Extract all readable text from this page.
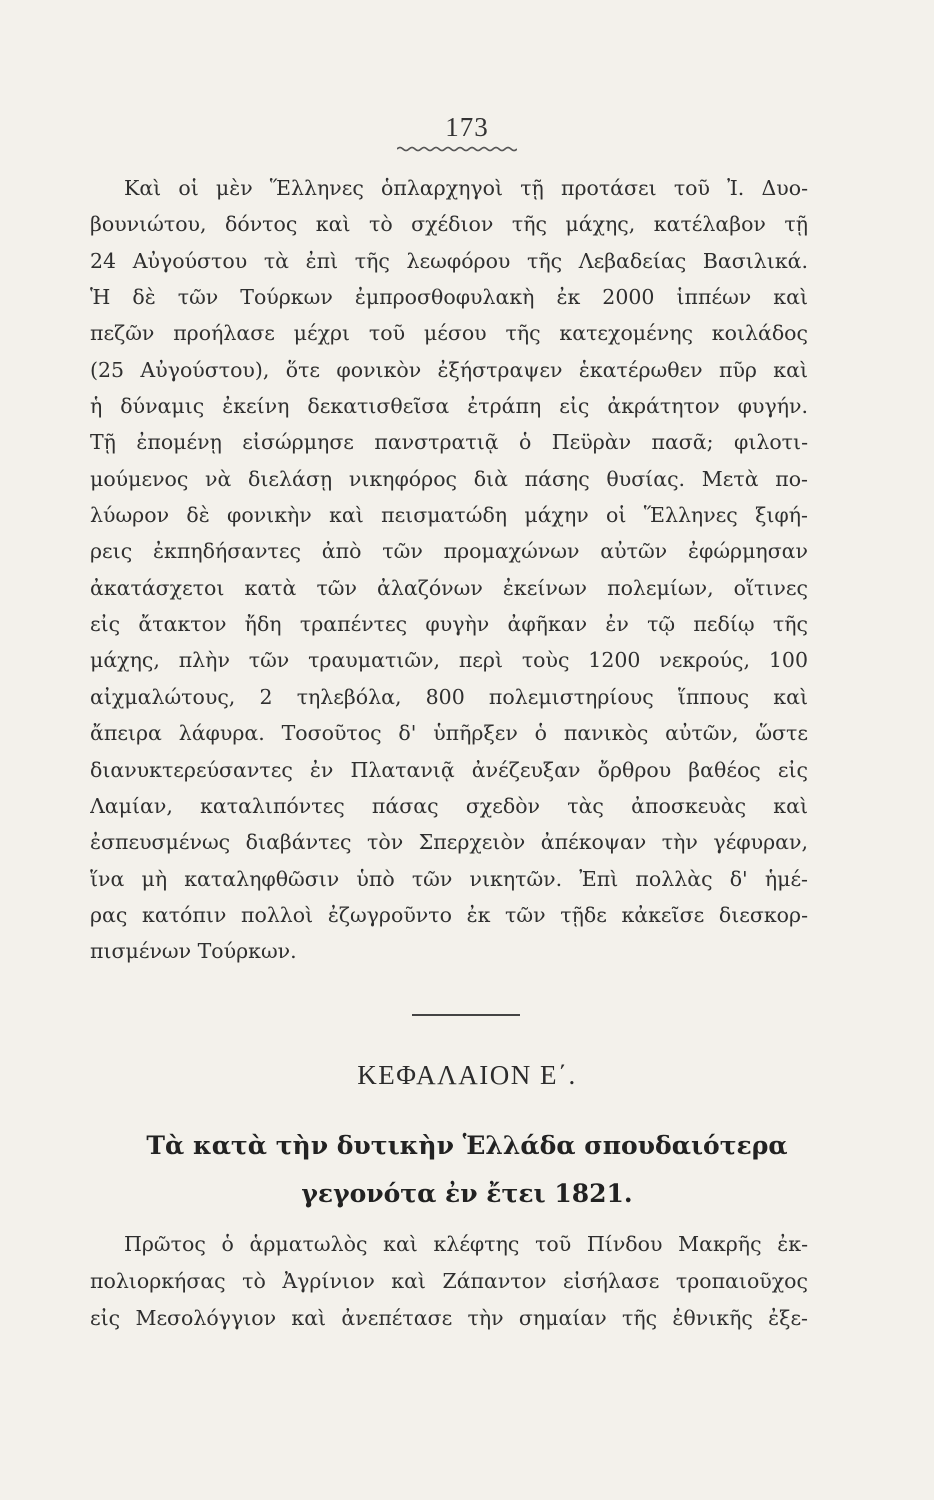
173
Καὶ οἱ μὲν Ἕλληνες ὁπλαρχηγοὶ τῇ προτάσει τοῦ Ἰ. Δυο-
βουνιώτου, δόντος καὶ τὸ σχέδιον τῆς μάχης, κατέλαβον τῇ
24 Αὐγούστου τὰ ἐπὶ τῆς λεωφόρου τῆς Λεβαδείας Βασιλικά.
Ἡ δὲ τῶν Τούρκων ἐμπροσθοφυλακὴ ἐκ 2000 ἱππέων καὶ
πεζῶν προήλασε μέχρι τοῦ μέσου τῆς κατεχομένης κοιλάδος
(25 Αὐγούστου), ὅτε φονικὸν ἐξήστραψεν ἑκατέρωθεν πῦρ καὶ
ἡ δύναμις ἐκείνη δεκατισθεῖσα ἐτράπη εἰς ἀκράτητον φυγήν.
Τῇ ἐπομένῃ εἰσώρμησε πανστρατιᾷ ὁ Πεϋρὰν πασᾶ; φιλοτι-
μούμενος νὰ διελάσῃ νικηφόρος διὰ πάσης θυσίας. Μετὰ πο-
λύωρον δὲ φονικὴν καὶ πεισματώδη μάχην οἱ Ἕλληνες ξιφή-
ρεις ἐκπηδήσαντες ἀπὸ τῶν προμαχώνων αὐτῶν ἐφώρμησαν
ἀκατάσχετοι κατὰ τῶν ἀλαζόνων ἐκείνων πολεμίων, οἵτινες
εἰς ἄτακτον ἤδη τραπέντες φυγὴν ἀφῆκαν ἐν τῷ πεδίῳ τῆς
μάχης, πλὴν τῶν τραυματιῶν, περὶ τοὺς 1200 νεκρούς, 100
αἰχμαλώτους, 2 τηλεβόλα, 800 πολεμιστηρίους ἵππους καὶ
ἄπειρα λάφυρα. Τοσοῦτος δ' ὑπῆρξεν ὁ πανικὸς αὐτῶν, ὥστε
διανυκτερεύσαντες ἐν Πλατανιᾷ ἀνέζευξαν ὄρθρου βαθέος εἰς
Λαμίαν, καταλιπόντες πάσας σχεδὸν τὰς ἀποσκευὰς καὶ
ἐσπευσμένως διαβάντες τὸν Σπερχειὸν ἀπέκοψαν τὴν γέφυραν,
ἵνα μὴ καταληφθῶσιν ὑπὸ τῶν νικητῶν. Ἐπὶ πολλὰς δ' ἡμέ-
ρας κατόπιν πολλοὶ ἐζωγροῦντο ἐκ τῶν τῇδε κἀκεῖσε διεσκορ-
πισμένων Τούρκων.
ΚΕΦΑΛΑΙΟΝ Ε΄.
Τὰ κατὰ τὴν δυτικὴν Ἑλλάδα σπουδαιότερα
γεγονότα ἐν ἔτει 1821.
Πρῶτος ὁ ἁρματωλὸς καὶ κλέφτης τοῦ Πίνδου Μακρῆς ἐκ-
πολιορκήσας τὸ Ἀγρίνιον καὶ Ζάπαντον εἰσήλασε τροπαιοῦχος
εἰς Μεσολόγγιον καὶ ἀνεπέτασε τὴν σημαίαν τῆς ἐθνικῆς ἐξε-
